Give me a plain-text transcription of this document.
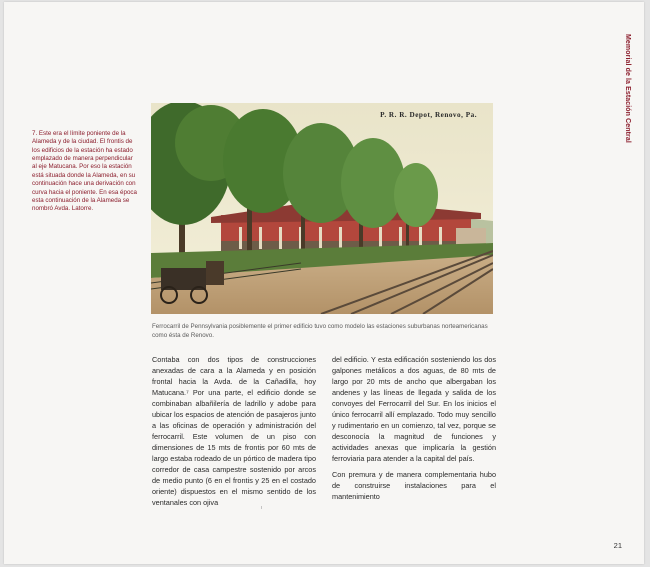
Memorial de la Estación Central
7. Este era el límite poniente de la Alameda y de la ciudad. El frontis de los edificios de la estación ha estado emplazado de manera perpendicular al eje Matucana. Por eso la estación está situada donde la Alameda, en su continuación hace una derivación con curva hacia el poniente. En esa época esta continuación de la Alameda se nombró Avda. Latorre.
P. R. R. Depot, Renovo, Pa.
Ferrocarril de Pennsylvania posiblemente el primer edificio tuvo como modelo las estaciones suburbanas norteamericanas como ésta de Renovo.

Contaba con dos tipos de construcciones anexadas de cara a la Alameda y en posición frontal hacia la Avda. de la Cañadilla, hoy Matucana.⁷ Por una parte, el edificio donde se combinaban albañilería de ladrillo y adobe para ubicar los espacios de atención de pasajeros junto a las oficinas de operación y administración del ferrocarril. Este volumen de un piso con dimensiones de 15 mts de frontis por 60 mts de largo estaba rodeado de un pórtico de madera tipo corredor de casa campestre sostenido por arcos de medio punto (6 en el frontis y 25 en el costado oriente) dispuestos en el mismo sentido de los ventanales con ojiva

ı

del edificio. Y esta edificación sosteniendo los dos galpones metálicos a dos aguas, de 80 mts de largo por 20 mts de ancho que albergaban los andenes y las líneas de llegada y salida de los convoyes del Ferrocarril del Sur. En los inicios el único ferrocarril allí emplazado. Todo muy sencillo y rudimentario en un comienzo, tal vez, porque se desconocía la magnitud de funciones y actividades anexas que implicaría la gestión ferroviaria para atender a la capital del país.

Con premura y de manera complementaria hubo de construirse instalaciones para el mantenimiento

21
